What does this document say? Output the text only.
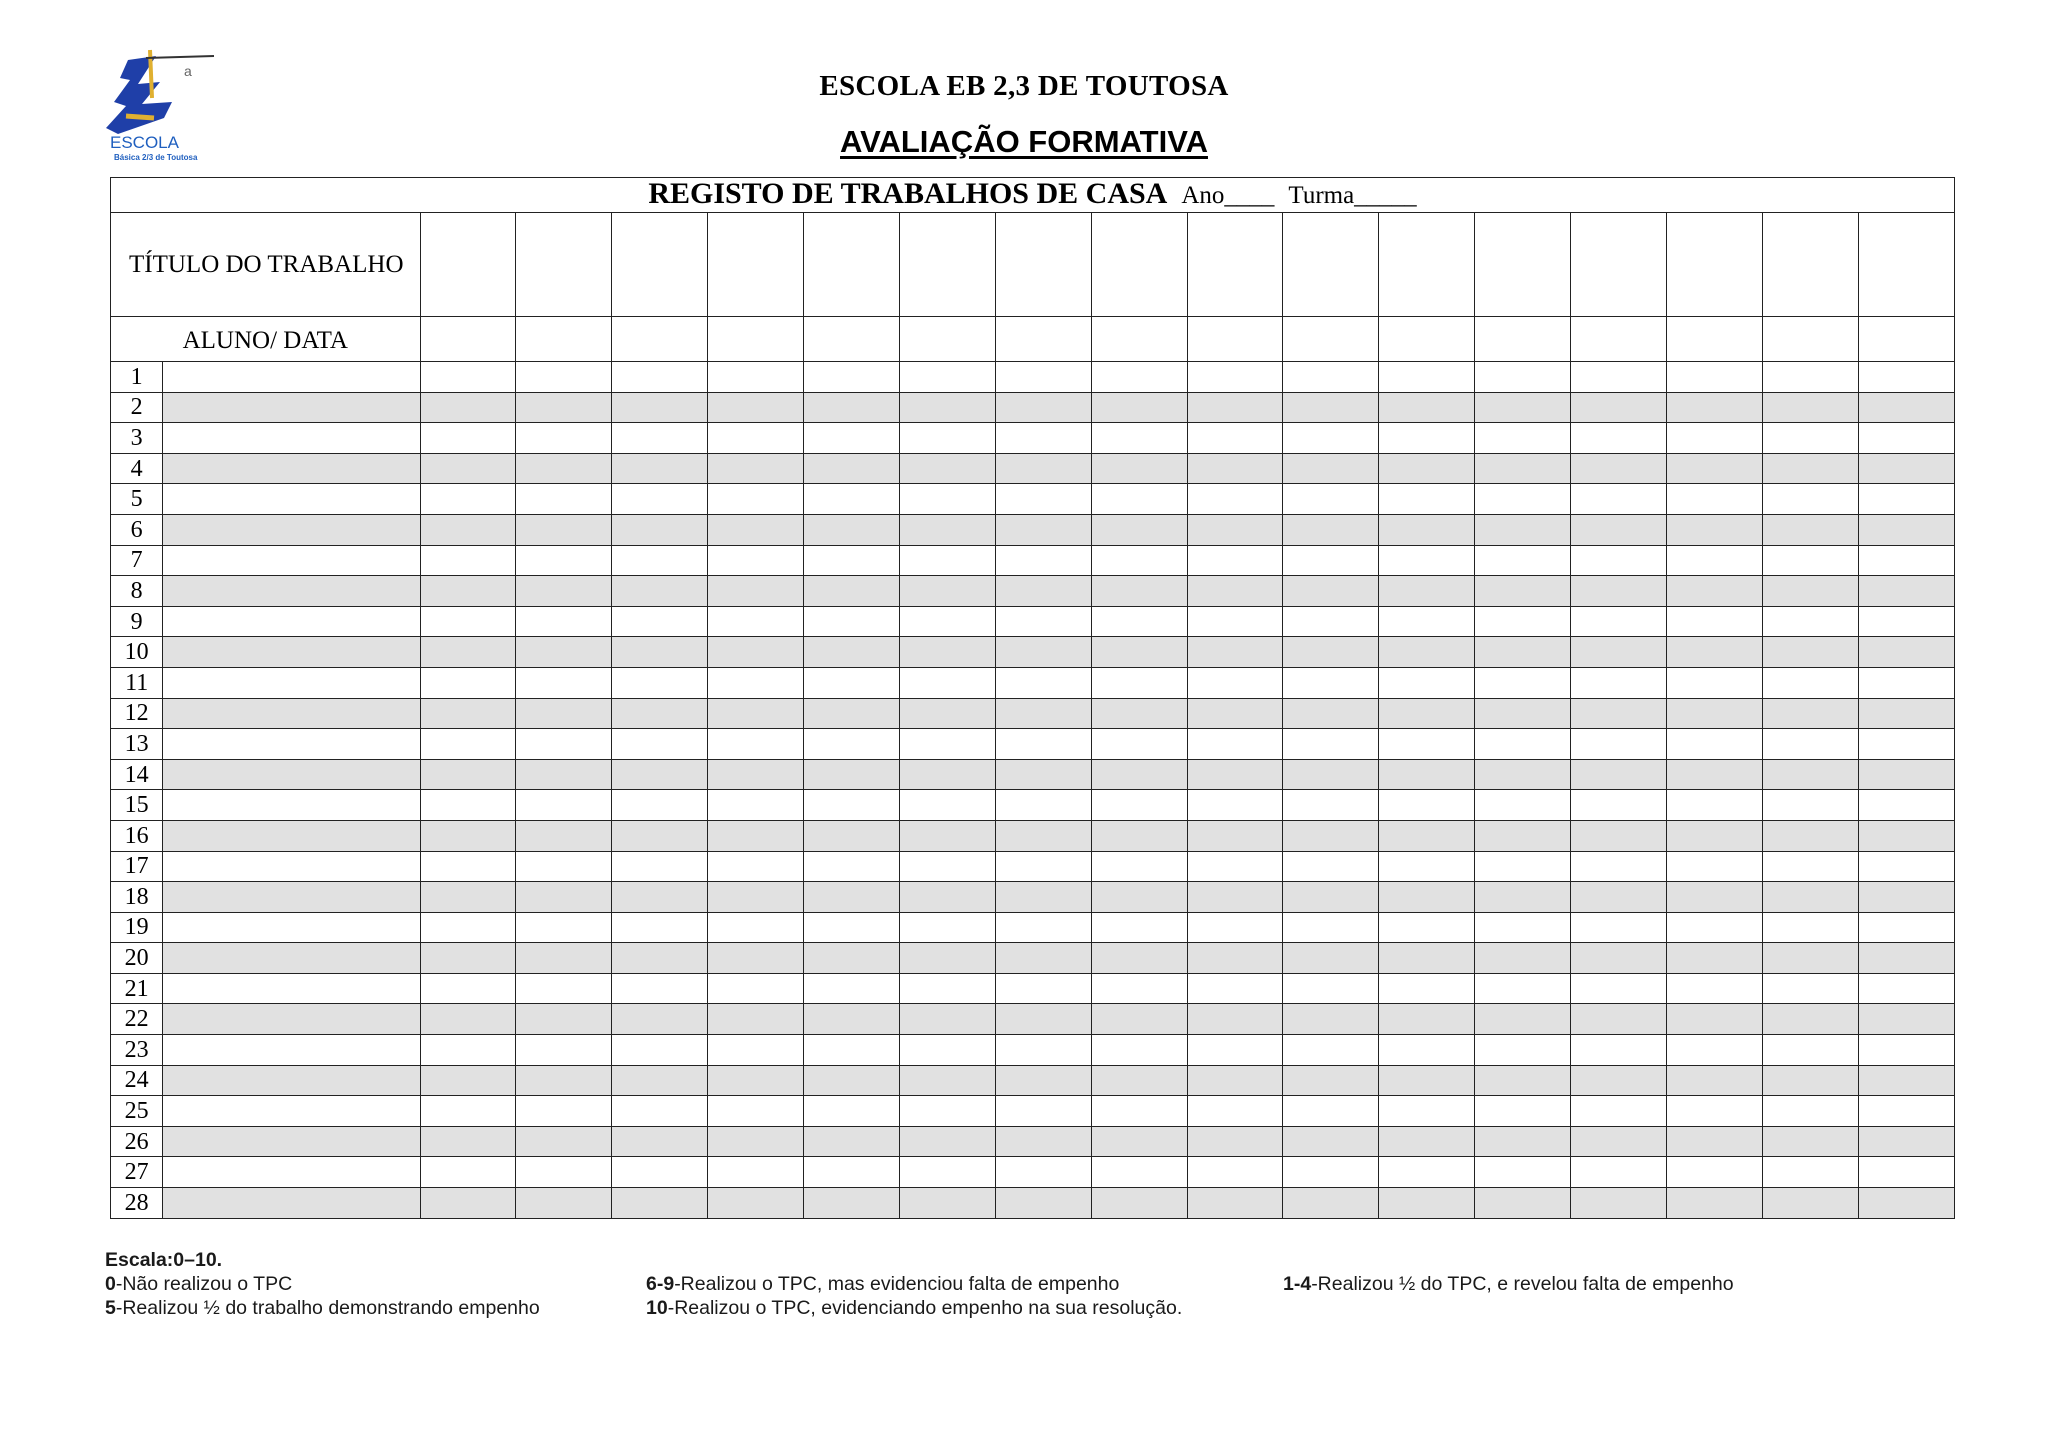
a
ESCOLA
Básica 2/3 de Toutosa
ESCOLA EB 2,3 DE TOUTOSA
AVALIAÇÃO FORMATIVA
REGISTO DE TRABALHOS DE CASA Ano____ Turma_____																	
TÍTULO DO TRABALHO																	
ALUNO/ DATA																	
1																	
2																	
3																	
4																	
5																	
6																	
7																	
8																	
9																	
10																	
11																	
12																	
13																	
14																	
15																	
16																	
17																	
18																	
19																	
20																	
21																	
22																	
23																	
24																	
25																	
26																	
27																	
28																	
Escala:0–10.
0-Não realizou o TPC	6-9-Realizou o TPC, mas evidenciou falta de empenho	1-4-Realizou ½ do TPC, e revelou falta de empenho
5-Realizou ½ do trabalho demonstrando empenho	10-Realizou o TPC, evidenciando empenho na sua resolução.
